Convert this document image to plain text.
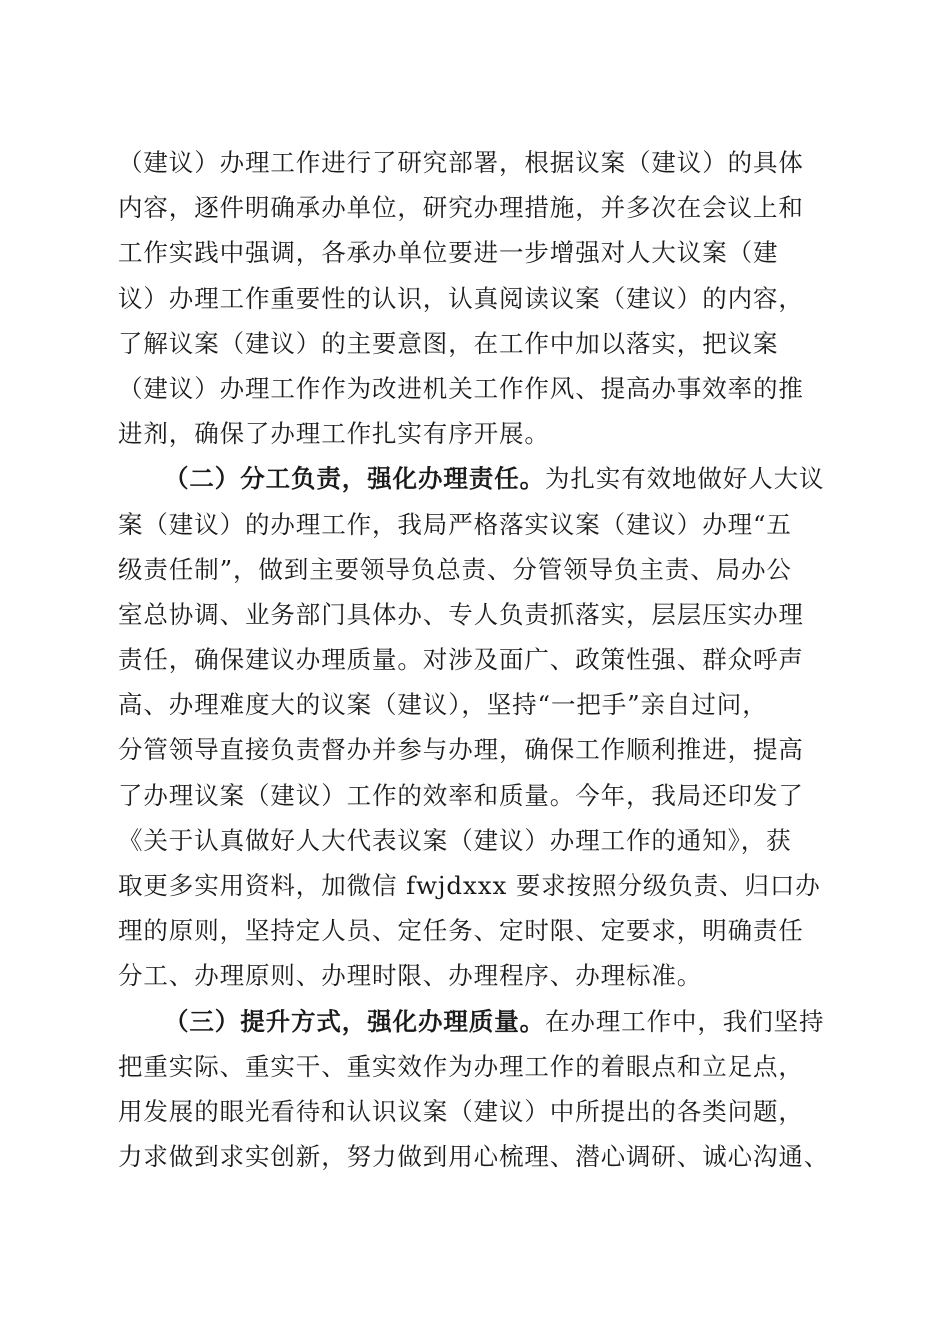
（建议）办理工作进行了研究部署，根据议案（建议）的具体
内容，逐件明确承办单位，研究办理措施，并多次在会议上和
工作实践中强调，各承办单位要进一步增强对人大议案（建
议）办理工作重要性的认识，认真阅读议案（建议）的内容，
了解议案（建议）的主要意图，在工作中加以落实，把议案
（建议）办理工作作为改进机关工作作风、提高办事效率的推
进剂，确保了办理工作扎实有序开展。
（二）分工负责，强化办理责任。为扎实有效地做好人大议
案（建议）的办理工作，我局严格落实议案（建议）办理“五
级责任制”，做到主要领导负总责、分管领导负主责、局办公
室总协调、业务部门具体办、专人负责抓落实，层层压实办理
责任，确保建议办理质量。对涉及面广、政策性强、群众呼声
高、办理难度大的议案（建议），坚持“一把手”亲自过问，
分管领导直接负责督办并参与办理，确保工作顺利推进，提高
了办理议案（建议）工作的效率和质量。今年，我局还印发了
《关于认真做好人大代表议案（建议）办理工作的通知》，获
取更多实用资料，加微信 fwjdxxx 要求按照分级负责、归口办
理的原则，坚持定人员、定任务、定时限、定要求，明确责任
分工、办理原则、办理时限、办理程序、办理标准。
（三）提升方式，强化办理质量。在办理工作中，我们坚持
把重实际、重实干、重实效作为办理工作的着眼点和立足点，
用发展的眼光看待和认识议案（建议）中所提出的各类问题，
力求做到求实创新，努力做到用心梳理、潜心调研、诚心沟通、
